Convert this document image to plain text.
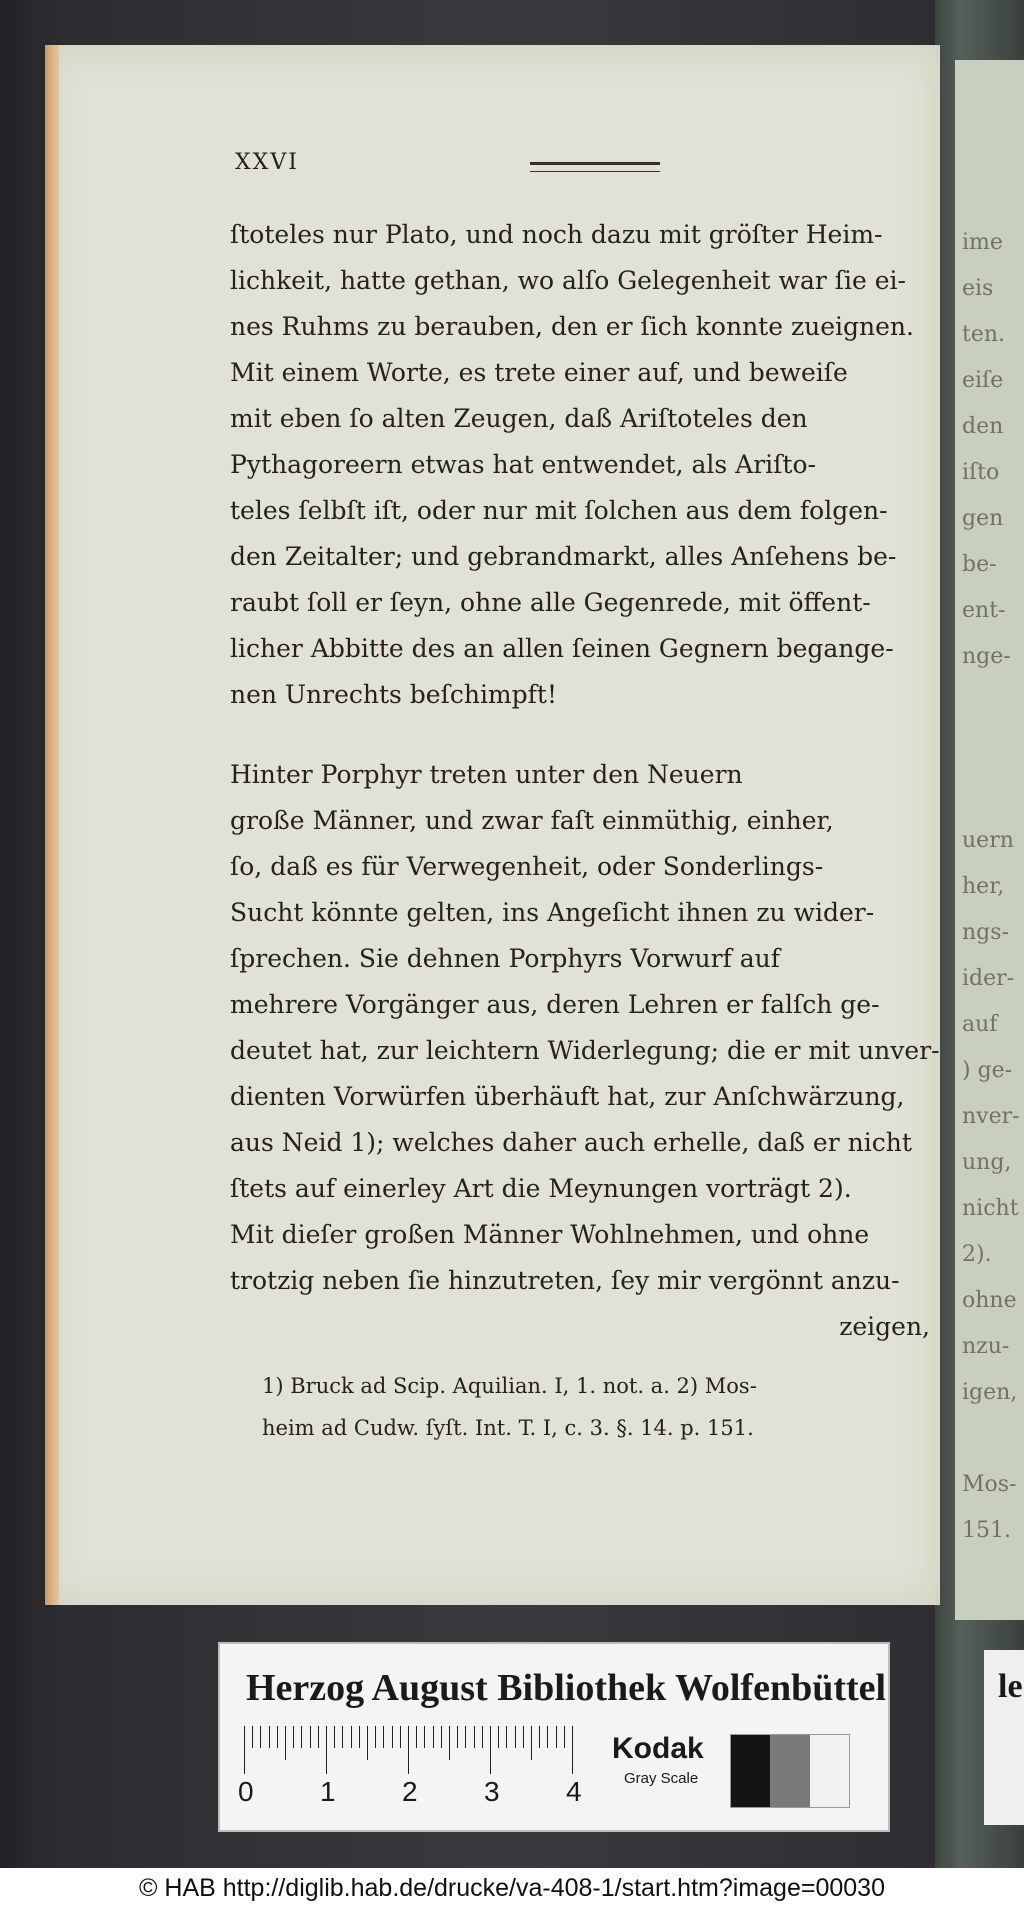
ime
eis
ten.
eiſe
den
iſto
gen
be-
ent-
nge-
uern
her,
ngs-
ider-
auf
) ge-
nver-
ung,
nicht
2).
ohne
nzu-
igen,
Mos-
151.
XXVI
ſtoteles nur Plato, und noch dazu mit gröſter Heim-
lichkeit, hatte gethan, wo alſo Gelegenheit war ſie ei-
nes Ruhms zu berauben, den er ſich konnte zueignen.
Mit einem Worte, es trete einer auf, und beweiſe
mit eben ſo alten Zeugen, daß Ariſtoteles den
Pythagoreern etwas hat entwendet, als Ariſto-
teles ſelbſt iſt, oder nur mit ſolchen aus dem folgen-
den Zeitalter; und gebrandmarkt, alles Anſehens be-
raubt ſoll er ſeyn, ohne alle Gegenrede, mit öffent-
licher Abbitte des an allen ſeinen Gegnern begange-
nen Unrechts beſchimpft!
Hinter Porphyr treten unter den Neuern
große Männer, und zwar faſt einmüthig, einher,
ſo, daß es für Verwegenheit, oder Sonderlings-
Sucht könnte gelten, ins Angeſicht ihnen zu wider-
ſprechen. Sie dehnen Porphyrs Vorwurf auf
mehrere Vorgänger aus, deren Lehren er falſch ge-
deutet hat, zur leichtern Widerlegung; die er mit unver-
dienten Vorwürfen überhäuft hat, zur Anſchwärzung,
aus Neid 1); welches daher auch erhelle, daß er nicht
ſtets auf einerley Art die Meynungen vorträgt 2).
Mit dieſer großen Männer Wohlnehmen, und ohne
trotzig neben ſie hinzutreten, ſey mir vergönnt anzu-
zeigen,
1) Bruck ad Scip. Aquilian. I, 1. not. a. 2) Mos-
heim ad Cudw. ſyſt. Int. T. I, c. 3. §. 14. p. 151.
Herzog August Bibliothek Wolfenbüttel
0 1 2 3 4
Kodak
Gray Scale
le
© HAB http://diglib.hab.de/drucke/va-408-1/start.htm?image=00030
